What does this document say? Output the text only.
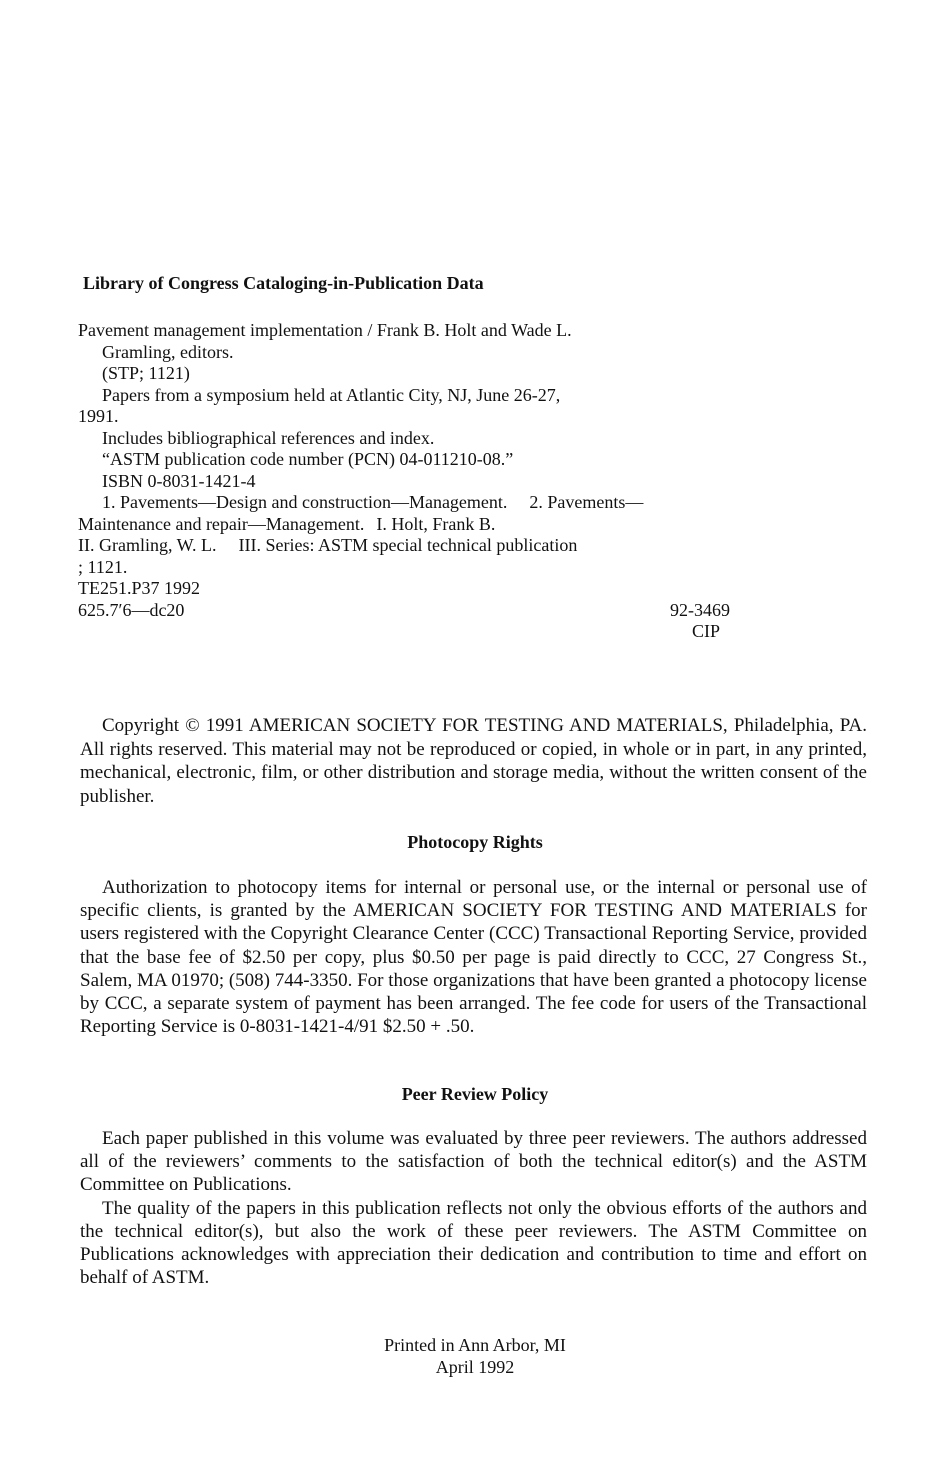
Library of Congress Cataloging-in-Publication Data
Pavement management implementation / Frank B. Holt and Wade L.
Gramling, editors.
(STP; 1121)
Papers from a symposium held at Atlantic City, NJ, June 26-27,
1991.
Includes bibliographical references and index.
“ASTM publication code number (PCN) 04-011210-08.”
ISBN 0-8031-1421-4
1. Pavements—Design and construction—Management. 2. Pavements—
Maintenance and repair—Management. I. Holt, Frank B.
II. Gramling, W. L. III. Series: ASTM special technical publication
; 1121.
TE251.P37 1992
625.7′6—dc20	92-3469
CIP
Copyright © 1991 AMERICAN SOCIETY FOR TESTING AND MATERIALS, Philadelphia, PA. All rights reserved. This material may not be reproduced or copied, in whole or in part, in any printed, mechanical, electronic, film, or other distribution and storage media, without the written consent of the publisher.
Photocopy Rights

Authorization to photocopy items for internal or personal use, or the internal or personal use of specific clients, is granted by the AMERICAN SOCIETY FOR TESTING AND MATERIALS for users registered with the Copyright Clearance Center (CCC) Transactional Reporting Service, provided that the base fee of $2.50 per copy, plus $0.50 per page is paid directly to CCC, 27 Congress St., Salem, MA 01970; (508) 744-3350. For those organizations that have been granted a photocopy license by CCC, a separate system of payment has been arranged. The fee code for users of the Transactional Reporting Service is 0-8031-1421-4/91 $2.50 + .50.

Peer Review Policy

Each paper published in this volume was evaluated by three peer reviewers. The authors addressed all of the reviewers’ comments to the satisfaction of both the technical editor(s) and the ASTM Committee on Publications.

The quality of the papers in this publication reflects not only the obvious efforts of the authors and the technical editor(s), but also the work of these peer reviewers. The ASTM Committee on Publications acknowledges with appreciation their dedication and contribution to time and effort on behalf of ASTM.

Printed in Ann Arbor, MI
April 1992
